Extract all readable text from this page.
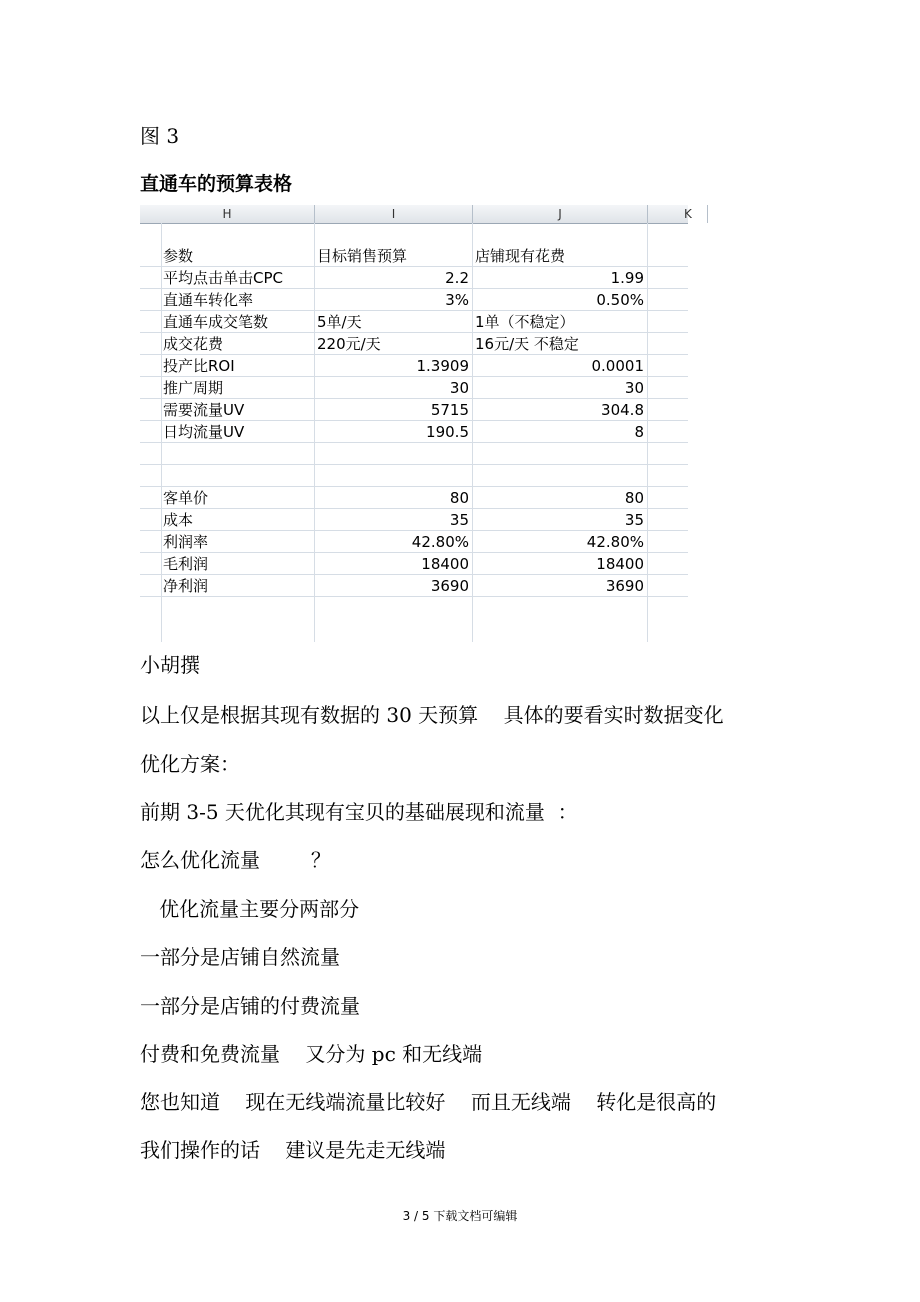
图 3
直通车的预算表格
H	I	J	K
参数	目标销售预算	店铺现有花费
平均点击单击CPC	2.2	1.99
直通车转化率	3%	0.50%
直通车成交笔数	5单/天	1单（不稳定）
成交花费	220元/天	16元/天 不稳定
投产比ROI	1.3909	0.0001
推广周期	30	30
需要流量UV	5715	304.8
日均流量UV	190.5	8
客单价	80	80
成本	35	35
利润率	42.80%	42.80%
毛利润	18400	18400
净利润	3690	3690
小胡撰
以上仅是根据其现有数据的 30 天预算    具体的要看实时数据变化
优化方案：
前期 3-5 天优化其现有宝贝的基础展现和流量  ：
怎么优化流量        ？
优化流量主要分两部分
一部分是店铺自然流量
一部分是店铺的付费流量
付费和免费流量    又分为 pc 和无线端
您也知道    现在无线端流量比较好    而且无线端    转化是很高的
我们操作的话    建议是先走无线端
3 / 5 下载文档可编辑
